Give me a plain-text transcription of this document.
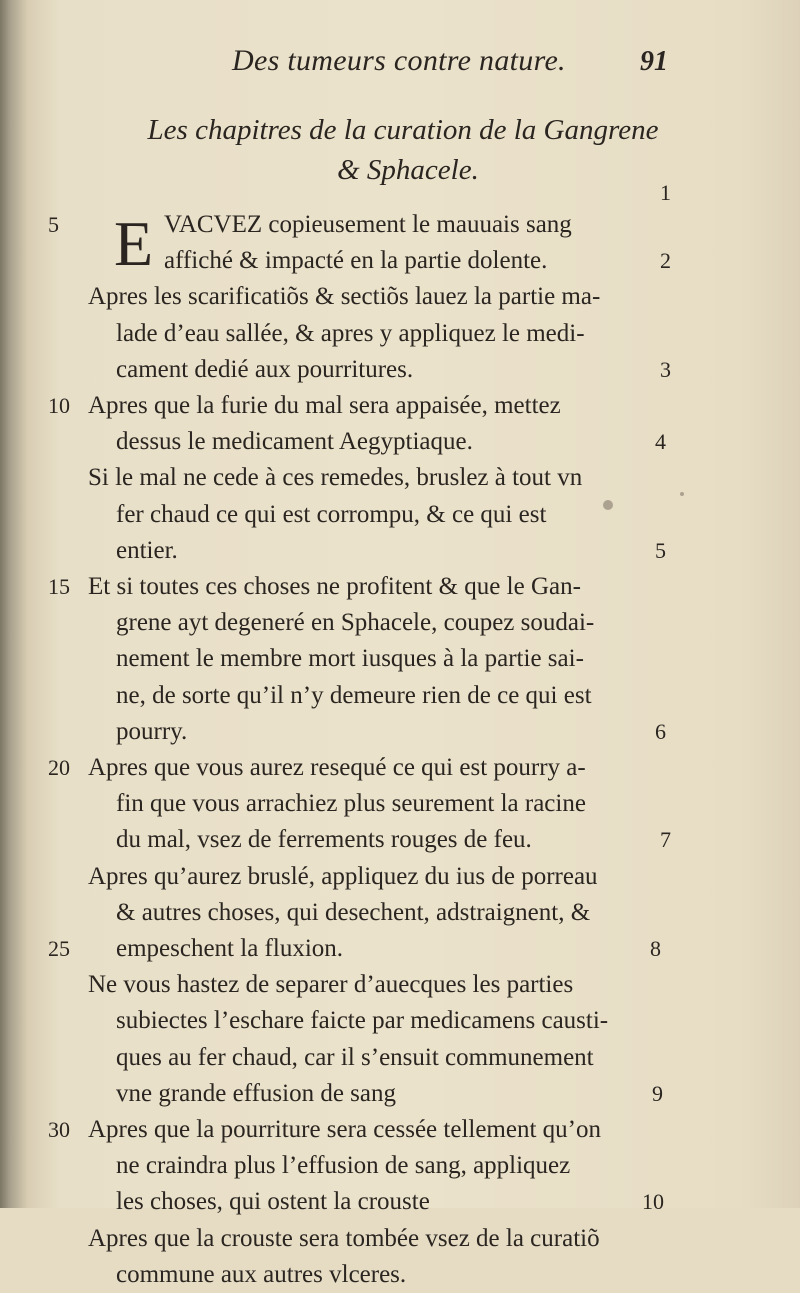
Des tumeurs contre nature.	91
Les chapitres de la curation de la Gangrene
& Sphacele.
1
E
5	VACVEZ copieusement le mauuais sang
affiché & impacté en la partie dolente.	2
Apres les scarificatiõs & sectiõs lauez la partie ma-
lade d’eau sallée, & apres y appliquez le medi-
cament dedié aux pourritures.	3
10 Apres que la furie du mal sera appaisée, mettez
dessus le medicament Aegyptiaque.	4
Si le mal ne cede à ces remedes, bruslez à tout vn
fer chaud ce qui est corrompu, & ce qui est
entier.	5
15 Et si toutes ces choses ne profitent & que le Gan-
grene ayt degeneré en Sphacele, coupez soudai-
nement le membre mort iusques à la partie sai-
ne, de sorte qu’il n’y demeure rien de ce qui est
pourry.	6
20 Apres que vous aurez resequé ce qui est pourry a-
fin que vous arrachiez plus seurement la racine
du mal, vsez de ferrements rouges de feu.	7
Apres qu’aurez bruslé, appliquez du ius de porreau
& autres choses, qui desechent, adstraignent, &
25 empeschent la fluxion.	8
Ne vous hastez de separer d’auecques les parties
subiectes l’eschare faicte par medicamens causti-
ques au fer chaud, car il s’ensuit communement
vne grande effusion de sang	9
30 Apres que la pourriture sera cessée tellement qu’on
ne craindra plus l’effusion de sang, appliquez
les choses, qui ostent la crouste	10
Apres que la crouste sera tombée vsez de la curatiõ
commune aux autres vlceres.
